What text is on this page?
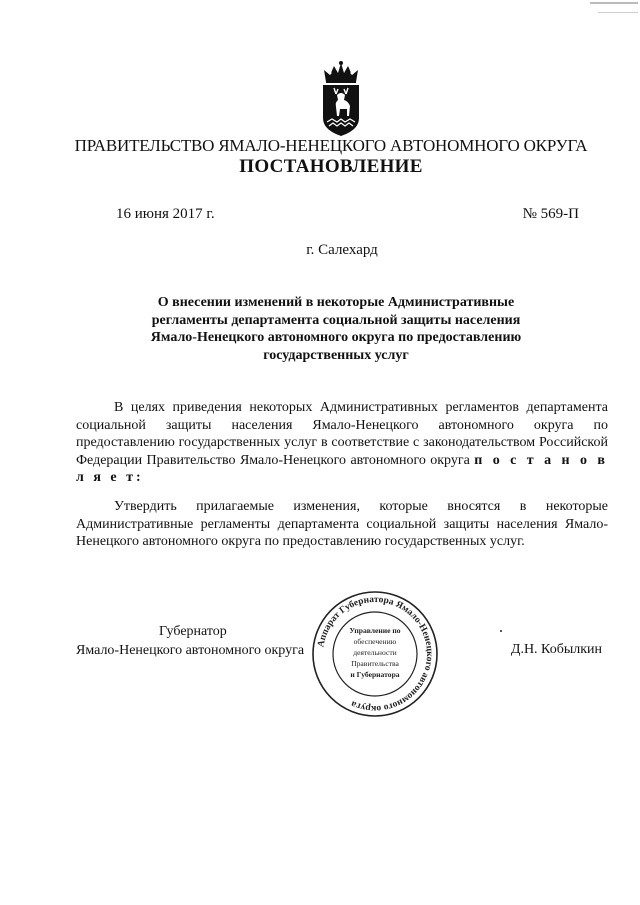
ПРАВИТЕЛЬСТВО ЯМАЛО-НЕНЕЦКОГО АВТОНОМНОГО ОКРУГА
ПОСТАНОВЛЕНИЕ
16 июня 2017 г.	№ 569-П
г. Салехард
О внесении изменений в некоторые Административные
регламенты департамента социальной защиты населения
Ямало-Ненецкого автономного округа по предоставлению
государственных услуг
В целях приведения некоторых Административных регламентов департамента социальной защиты населения Ямало-Ненецкого автономного округа по предоставлению государственных услуг в соответствие с законодательством Российской Федерации Правительство Ямало-Ненецкого автономного округа п о с т а н о в л я е т:
Утвердить прилагаемые изменения, которые вносятся в некоторые Административные регламенты департамента социальной защиты населения Ямало-Ненецкого автономного округа по предоставлению государственных услуг.
Губернатор
Ямало-Ненецкого автономного округа	Аппарат Губернатора Ямало-Ненецкого автономного округа
Управление по
обеспечению
деятельности
Правительства
и Губернатора
Д.Н. Кобылкин
